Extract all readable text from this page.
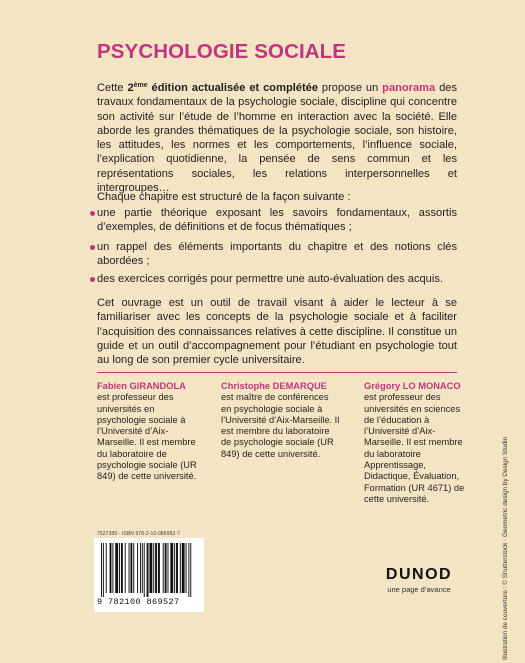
PSYCHOLOGIE SOCIALE

Cette 2ème édition actualisée et complétée propose un panorama des travaux fondamentaux de la psychologie sociale, discipline qui concentre son activité sur l’étude de l’homme en interaction avec la société. Elle aborde les grandes thématiques de la psychologie sociale, son histoire, les attitudes, les normes et les comportements, l’influence sociale, l’explication quotidienne, la pensée de sens commun et les représentations sociales, les relations interpersonnelles et intergroupes…

Chaque chapitre est structuré de la façon suivante :

une partie théorique exposant les savoirs fondamentaux, assortis d’exemples, de définitions et de focus thématiques ;
un rappel des éléments importants du chapitre et des notions clés abordées ;
des exercices corrigés pour permettre une auto-évaluation des acquis.

Cet ouvrage est un outil de travail visant à aider le lecteur à se familiariser avec les concepts de la psychologie sociale et à faciliter l’acquisition des connaissances relatives à cette discipline. Il constitue un guide et un outil d’accompagnement pour l’étudiant en psychologie tout au long de son premier cycle universitaire.

Fabien GIRANDOLA
est professeur des universités en psychologie sociale à l’Université d’Aix-Marseille. Il est membre du laboratoire de psychologie sociale (UR 849) de cette université.
Christophe DEMARQUE
est maître de conférences en psychologie sociale à l’Université d’Aix-Marseille. Il est membre du laboratoire de psychologie sociale (UR 849) de cette université.
Grégory LO MONACO
est professeur des universités en sciences de l’éducation à l’Université d’Aix-Marseille. Il est membre du laboratoire Apprentissage, Didactique, Évaluation, Formation (UR 4671) de cette université.
7527389 · ISBN 978-2-10-086952-7
9 782100 869527
DUNOD
une page d’avance	Illustration de couverture : © Shutterstock · Geometric design by Design Studio
